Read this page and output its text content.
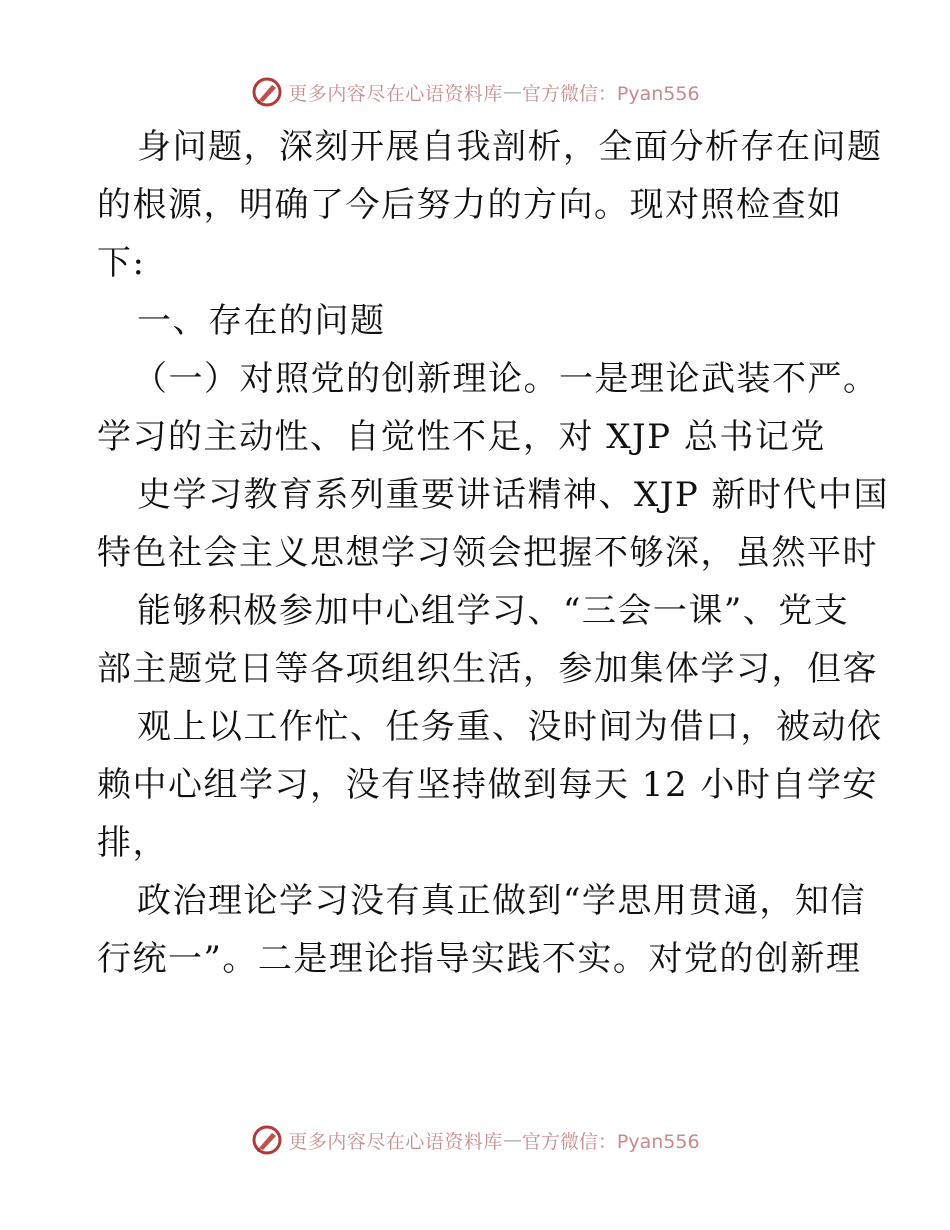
更多内容尽在心语资料库 — 官方微信：Pyan556
身问题，深刻开展自我剖析，全面分析存在问题
的根源，明确了今后努力的方向。现对照检查如
下:
一、存在的问题
（一）对照党的创新理论。一是理论武装不严。
学习的主动性、自觉性不足，对 XJP 总书记党
史学习教育系列重要讲话精神、XJP 新时代中国
特色社会主义思想学习领会把握不够深，虽然平时
能够积极参加中心组学习、“三会一课”、党支
部主题党日等各项组织生活，参加集体学习，但客
观上以工作忙、任务重、没时间为借口，被动依
赖中心组学习，没有坚持做到每天 12 小时自学安
排，
政治理论学习没有真正做到“学思用贯通，知信
行统一”。二是理论指导实践不实。对党的创新理
更多内容尽在心语资料库 — 官方微信：Pyan556
